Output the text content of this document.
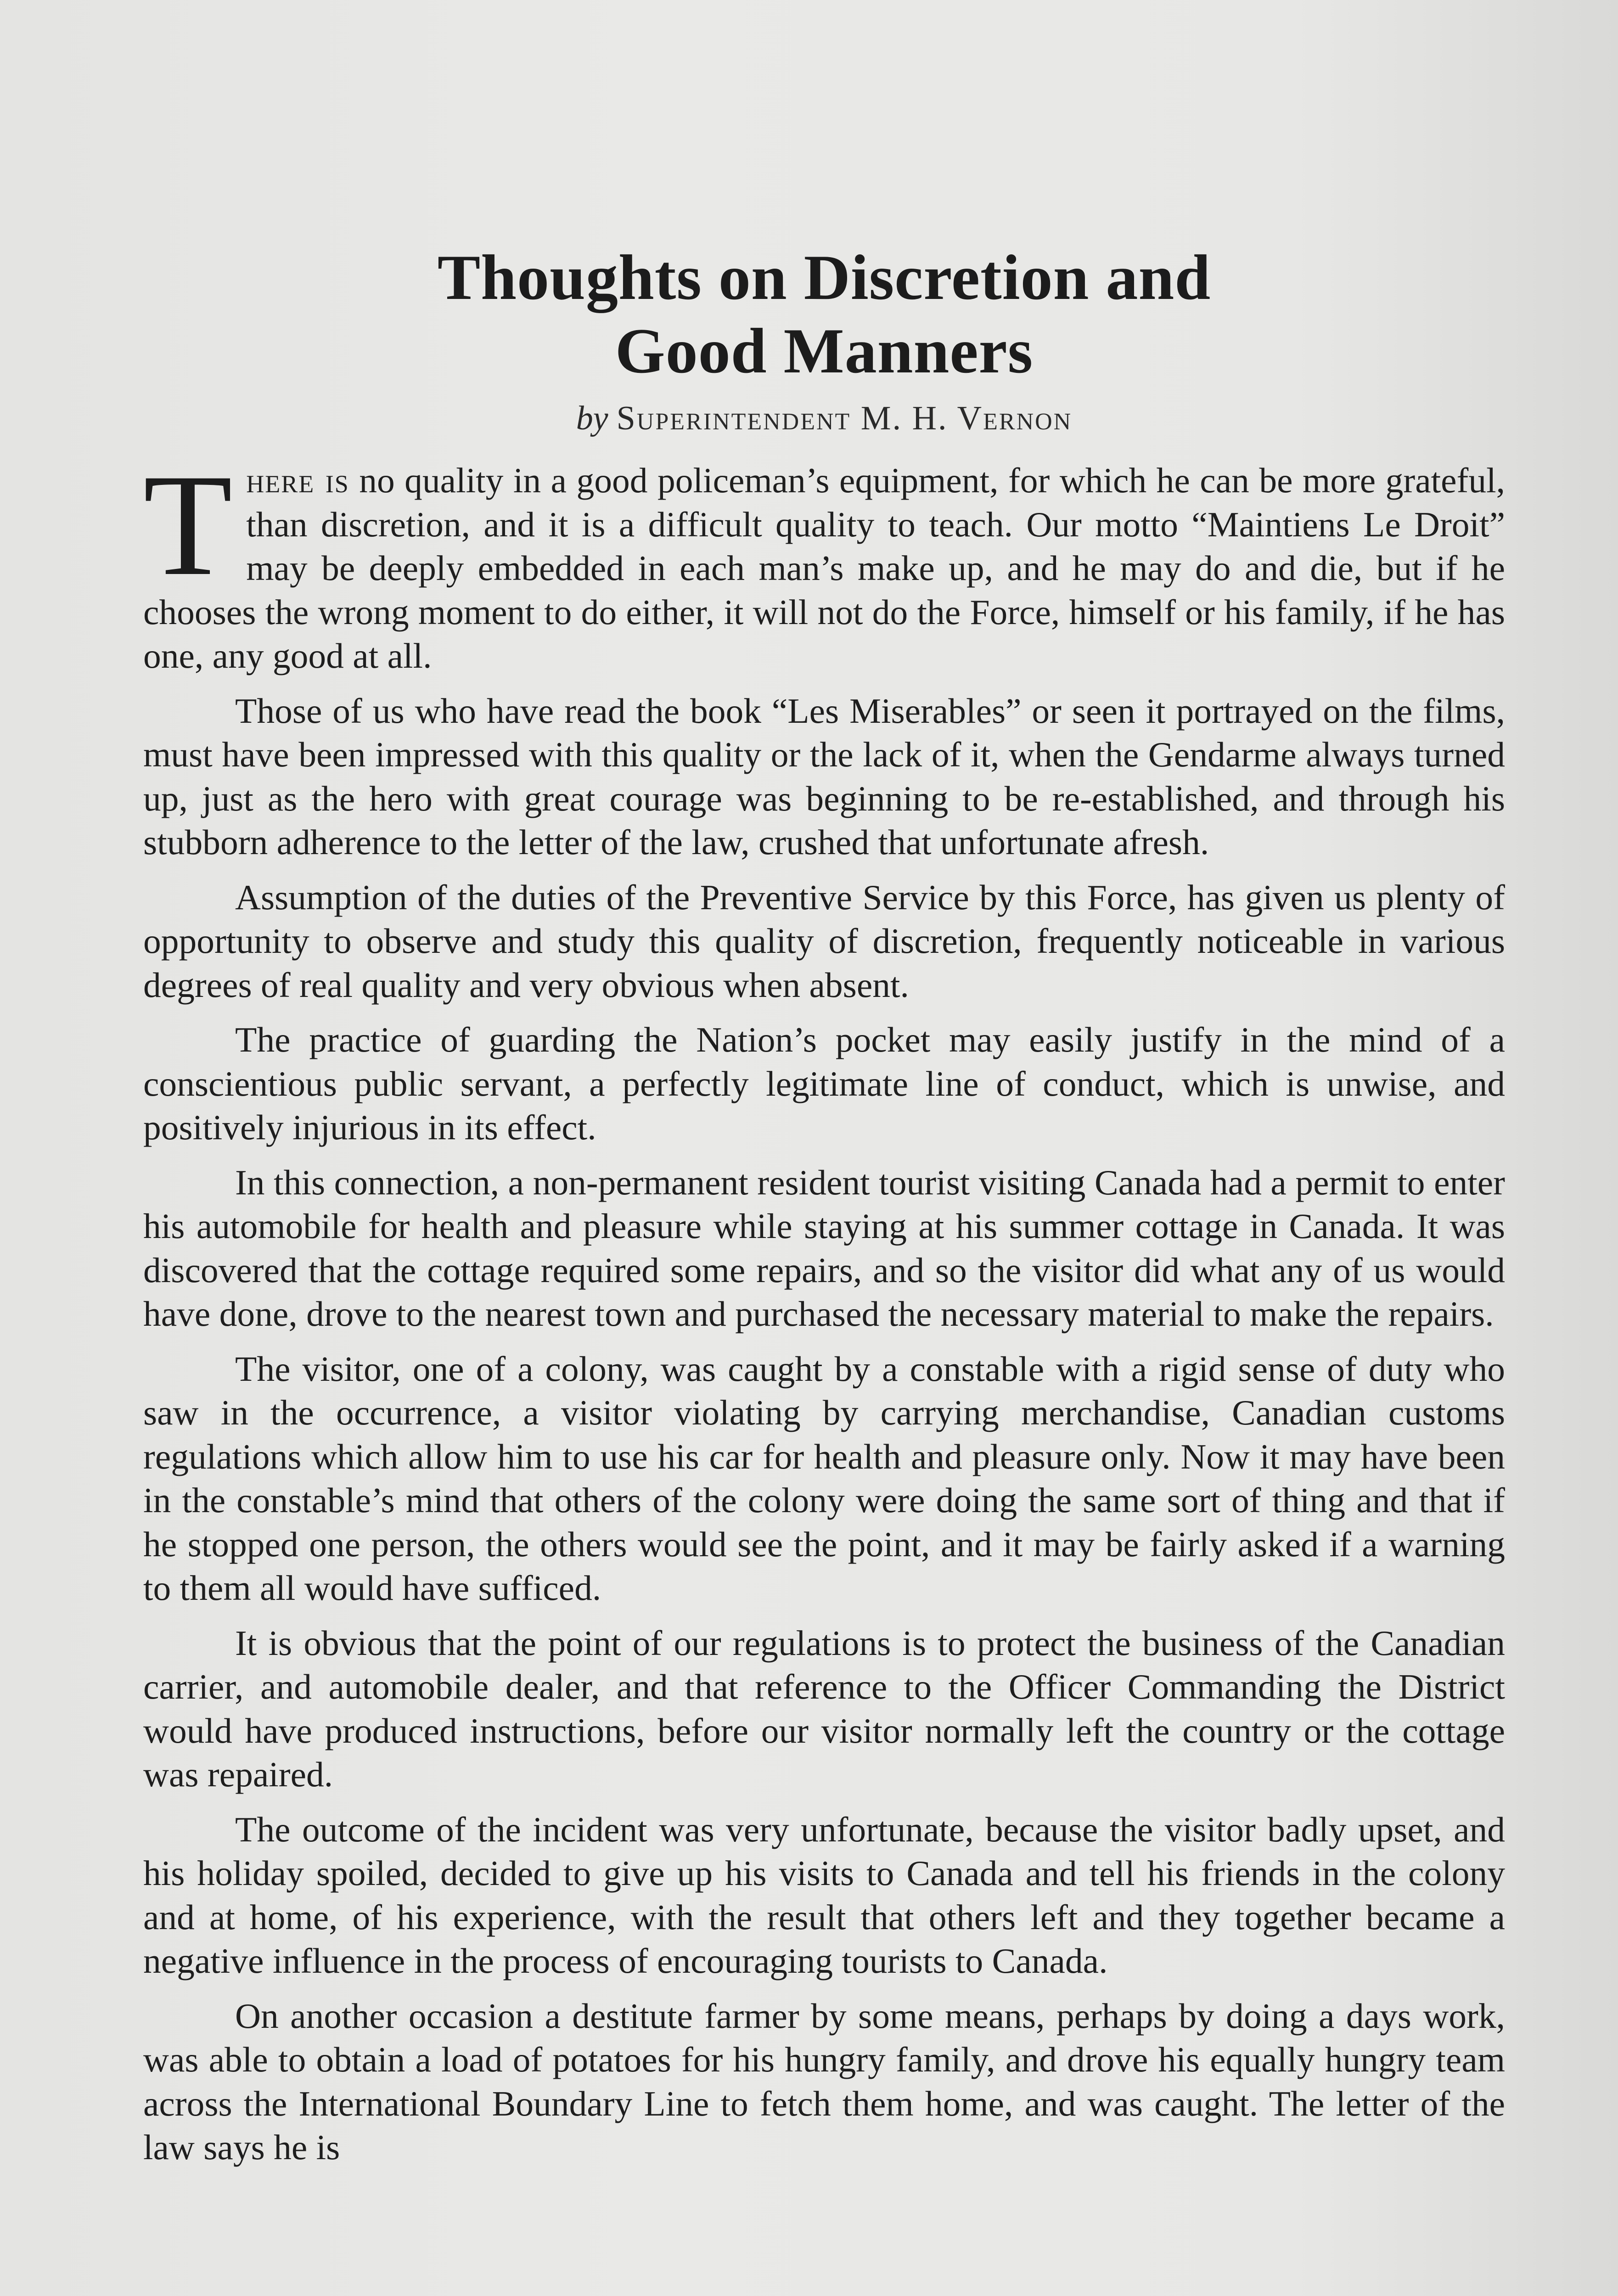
Thoughts on Discretion and
Good Manners
by Superintendent M. H. Vernon

There is no quality in a good policeman’s equipment, for which he can be more grateful, than discretion, and it is a difficult quality to teach. Our motto “Maintiens Le Droit” may be deeply embedded in each man’s make up, and he may do and die, but if he chooses the wrong moment to do either, it will not do the Force, himself or his family, if he has one, any good at all.

Those of us who have read the book “Les Miserables” or seen it portrayed on the films, must have been impressed with this quality or the lack of it, when the Gendarme always turned up, just as the hero with great courage was beginning to be re-established, and through his stubborn adherence to the letter of the law, crushed that unfortunate afresh.

Assumption of the duties of the Preventive Service by this Force, has given us plenty of opportunity to observe and study this quality of discretion, frequently noticeable in various degrees of real quality and very obvious when absent.

The practice of guarding the Nation’s pocket may easily justify in the mind of a conscientious public servant, a perfectly legitimate line of conduct, which is unwise, and positively injurious in its effect.

In this connection, a non-permanent resident tourist visiting Canada had a permit to enter his automobile for health and pleasure while staying at his summer cottage in Canada. It was discovered that the cottage required some repairs, and so the visitor did what any of us would have done, drove to the nearest town and purchased the necessary material to make the repairs.

The visitor, one of a colony, was caught by a constable with a rigid sense of duty who saw in the occurrence, a visitor violating by carrying merchandise, Canadian customs regulations which allow him to use his car for health and pleasure only. Now it may have been in the constable’s mind that others of the colony were doing the same sort of thing and that if he stopped one person, the others would see the point, and it may be fairly asked if a warning to them all would have sufficed.

It is obvious that the point of our regulations is to protect the business of the Canadian carrier, and automobile dealer, and that reference to the Officer Commanding the District would have produced instructions, before our visitor normally left the country or the cottage was repaired.

The outcome of the incident was very unfortunate, because the visitor badly upset, and his holiday spoiled, decided to give up his visits to Canada and tell his friends in the colony and at home, of his experience, with the result that others left and they together became a negative influence in the process of encouraging tourists to Canada.

On another occasion a destitute farmer by some means, perhaps by doing a days work, was able to obtain a load of potatoes for his hungry family, and drove his equally hungry team across the International Boundary Line to fetch them home, and was caught. The letter of the law says he is
